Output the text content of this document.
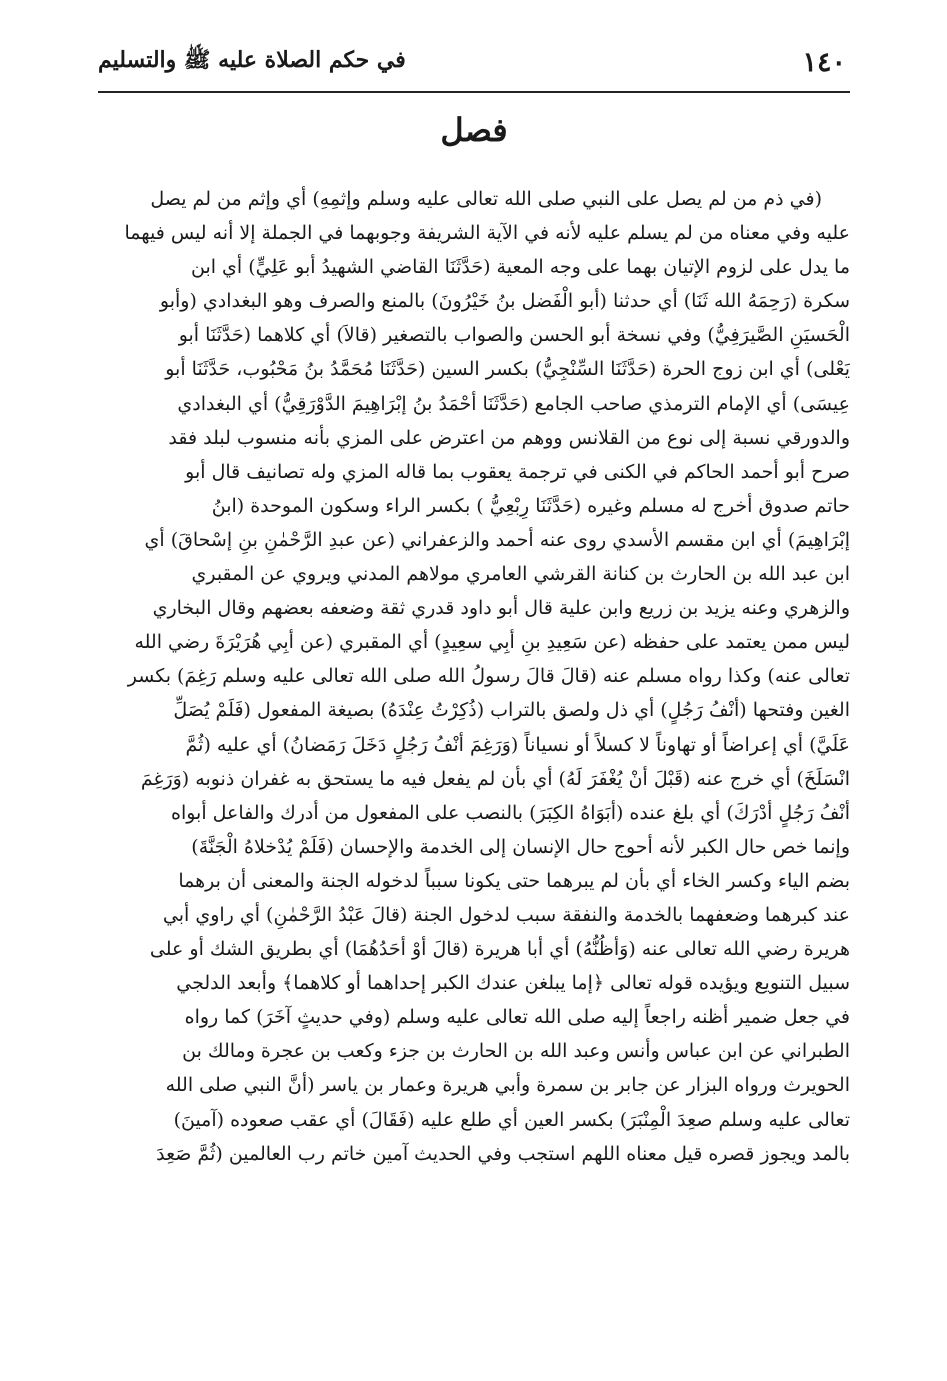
١٤٠
في حكم الصلاة عليه ﷺ والتسليم
فصل
(في ذم من لم يصل على النبي صلى الله تعالى عليه وسلم وإثمِهِ) أي وإثم من لم يصل
عليه وفي معناه من لم يسلم عليه لأنه في الآية الشريفة وجوبهما في الجملة إلا أنه ليس فيهما
ما يدل على لزوم الإتيان بهما على وجه المعية (حَدَّثَنَا القاضي الشهيدُ أبو عَلِيٍّ) أي ابن
سكرة (رَحِمَهُ الله ثَنَا) أي حدثنا (أبو الْفَضل بنُ خَيْرُونَ) بالمنع والصرف وهو البغدادي (وأبو
الْحَسيَنِ الصَّيرَفِيُّ) وفي نسخة أبو الحسن والصواب بالتصغير (قالاَ) أي كلاهما (حَدَّثَنَا أبو
يَعْلى) أي ابن زوج الحرة (حَدَّثَنَا السِّنْجِيُّ) بكسر السين (حَدَّثَنَا مُحَمَّدُ بنُ مَحْبُوب، حَدَّثَنَا أبو
عِيسَى) أي الإمام الترمذي صاحب الجامع (حَدَّثَنَا أحْمَدُ بنُ إبْرَاهِيمَ الدَّوْرَقِيُّ) أي البغدادي
والدورقي نسبة إلى نوع من القلانس ووهم من اعترض على المزي بأنه منسوب لبلد فقد
صرح أبو أحمد الحاكم في الكنى في ترجمة يعقوب بما قاله المزي وله تصانيف قال أبو
حاتم صدوق أخرج له مسلم وغيره (حَدَّثَنَا رِبْعِيُّ ) بكسر الراء وسكون الموحدة (ابنُ
إبْرَاهِيمَ) أي ابن مقسم الأسدي روى عنه أحمد والزعفراني (عن عبدِ الرَّحْمٰنِ بنِ إسْحاقَ) أي
ابن عبد الله بن الحارث بن كنانة القرشي العامري مولاهم المدني ويروي عن المقبري
والزهري وعنه يزيد بن زريع وابن علية قال أبو داود قدري ثقة وضعفه بعضهم وقال البخاري
ليس ممن يعتمد على حفظه (عن سَعِيدِ بنِ أبِي سعِيدٍ) أي المقبري (عن أبِي هُرَيْرَةَ رضي الله
تعالى عنه) وكذا رواه مسلم عنه (قالَ قالَ رسولُ الله صلى الله تعالى عليه وسلم رَغِمَ) بكسر
الغين وفتحها (أنْفُ رَجُلٍ) أي ذل ولصق بالتراب (ذُكِرْتُ عِنْدَهُ) بصيغة المفعول (فَلَمْ يُصَلِّ
عَلَيَّ) أي إعراضاً أو تهاوناً لا كسلاً أو نسياناً (وَرَغِمَ أنْفُ رَجُلٍ دَخَلَ رَمَضانُ) أي عليه (ثُمَّ
انْسَلَخَ) أي خرج عنه (قَبْلَ أنْ يُغْفَرَ لَهُ) أي بأن لم يفعل فيه ما يستحق به غفران ذنوبه (وَرَغِمَ
أنْفُ رَجُلٍ أدْرَكَ) أي بلغ عنده (أبَوَاهُ الكِبَرَ) بالنصب على المفعول من أدرك والفاعل أبواه
وإنما خص حال الكبر لأنه أحوج حال الإنسان إلى الخدمة والإحسان (فَلَمْ يُدْخلاهُ الْجَنَّةَ)
بضم الياء وكسر الخاء أي بأن لم يبرهما حتى يكونا سبباً لدخوله الجنة والمعنى أن برهما
عند كبرهما وضعفهما بالخدمة والنفقة سبب لدخول الجنة (قالَ عَبْدُ الرَّحْمٰنِ) أي راوي أبي
هريرة رضي الله تعالى عنه (وَأظُنُّهُ) أي أبا هريرة (قالَ أوْ أحَدُهُمَا) أي بطريق الشك أو على
سبيل التنويع ويؤيده قوله تعالى ﴿إما يبلغن عندك الكبر إحداهما أو كلاهما﴾ وأبعد الدلجي
في جعل ضمير أظنه راجعاً إليه صلى الله تعالى عليه وسلم (وفي حديثٍ آخَرَ) كما رواه
الطبراني عن ابن عباس وأنس وعبد الله بن الحارث بن جزء وكعب بن عجرة ومالك بن
الحويرث ورواه البزار عن جابر بن سمرة وأبي هريرة وعمار بن ياسر (أنَّ النبي صلى الله
تعالى عليه وسلم صعِدَ الْمِنْبَرَ) بكسر العين أي طلع عليه (فَقَالَ) أي عقب صعوده (آمينَ)
بالمد ويجوز قصره قيل معناه اللهم استجب وفي الحديث آمين خاتم رب العالمين (ثُمَّ صَعِدَ
